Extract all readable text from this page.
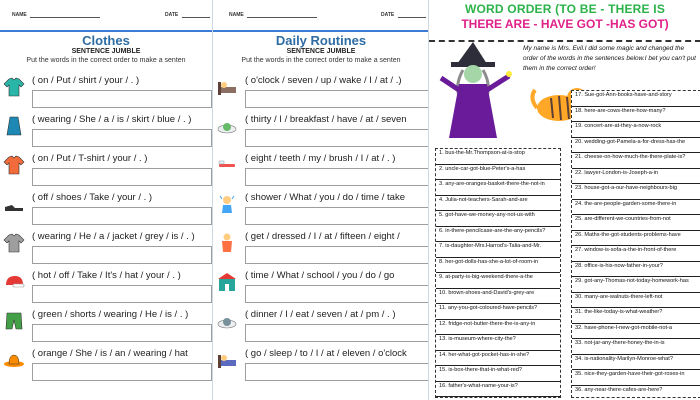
NAME	DATE
Clothes
SENTENCE JUMBLE
Put the words in the correct order to make a senten
( on / Put / shirt / your / . )
( wearing / She / a / is / skirt / blue / . )
( on / Put / T-shirt / your / . )
( off / shoes / Take / your / . )
( wearing / He / a / jacket / grey / is / . )
( hot / off / Take / It's / hat / your / . )
( green / shorts / wearing / He / is / . )
( orange / She / is / an / wearing / hat
NAME	DATE
Daily Routines
SENTENCE JUMBLE
Put the words in the correct order to make a senten
( o'clock / seven / up / wake / I / at / .)
( thirty / I / breakfast / have / at / seven
( eight / teeth / my / brush / I / at / . )
( shower / What / you / do / time / take
( get / dressed / I / at / fifteen / eight /
( time / What / school / you / do / go
( dinner / I / eat / seven / at / pm / . )
( go / sleep / to / I / at / eleven / o'clock
WORD ORDER (TO BE - THERE IS
THERE ARE - HAVE GOT -HAS GOT)
My name is Mrs. Evil.I did some magic and changed the order of the words in the sentences below.I bet you can't put them in the correct order!
1. bus-the-Mr.Thompson-at-is-stop
2. uncle-car-got-blue-Peter's-a-has
3. any-are-oranges-basket-there-the-not-in
4. Julia-not-teachers-Sarah-and-are
5. got-have-we-money-any-not-us-with
6. in-there-pencilcase-are-the-any-pencils?
7. is-daughter-Mrs.Harrod's-Talia-and-Mr.
8. her-got-dolls-has-she-a-lot-of-room-in
9. at-party-is-big-weekend-there-a-the
10. brown-shoes-and-David's-grey-are
11. any-you-got-coloured-have-pencils?
12. fridge-not-butter-there-the-is-any-in
13. is-museum-where-city-the?
14. her-what-got-pocket-has-in-she?
15. is-box-there-that-in-what-red?
16. father's-what-name-your-is?
17. Sue-got-Ann-books-have-and-story
18. here-are-cows-there-how-many?
19. concert-are-at-they-a-now-rock
20. wedding-got-Pamela-a-for-dress-has-the
21. cheese-on-how-much-the-there-plate-is?
22. lawyer-London-is-Joseph-a-in
23. house-got-a-our-have-neighbours-big
24. the-are-people-garden-some-there-in
25. are-different-we-countries-from-not
26. Maths-the-got-students-problems-have
27. window-is-sofa-a-the-in-front-of-there
28. office-is-his-now-father-in-your?
29. got-any-Thomas-not-today-homework-has
30. many-are-walnuts-there-left-not
31. the-like-today-is-what-weather?
32. have-phone-I-new-got-mobile-not-a
33. not-jar-any-there-honey-the-in-is
34. is-nationality-Marilyn-Monroe-what?
35. nice-they-garden-have-their-got-roses-in
36. any-near-there-cafes-are-here?
